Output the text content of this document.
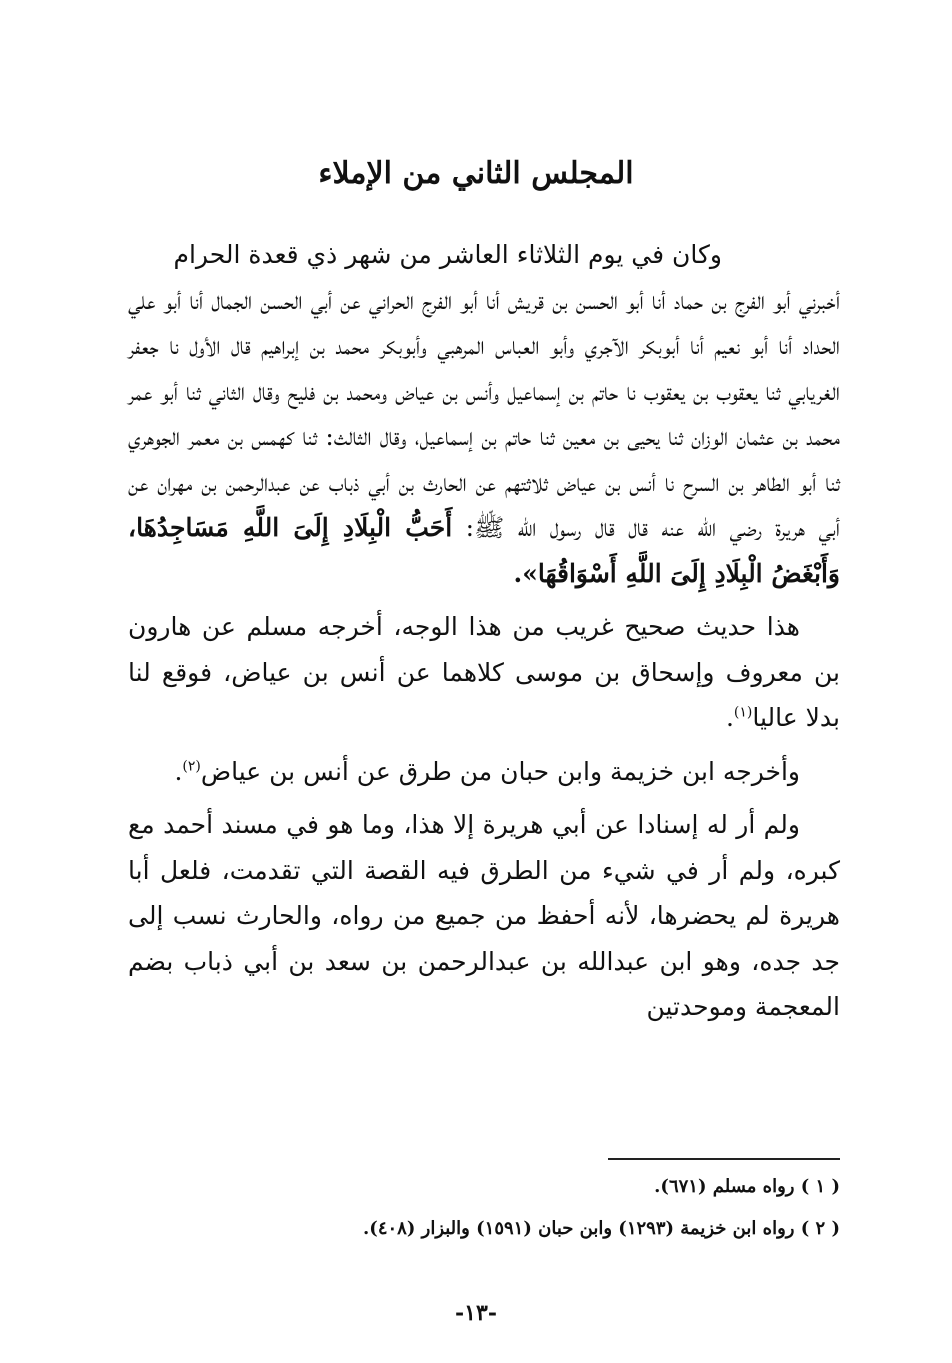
المجلس الثاني من الإملاء

وكان في يوم الثلاثاء العاشر من شهر ذي قعدة الحرام

أخبرني أبو الفرج بن حماد أنا أبو الحسن بن قريش أنا أبو الفرج الحراني عن أبي الحسن الجمال أنا أبو علي الحداد أنا أبو نعيم أنا أبوبكر الآجري وأبو العباس المرهبي وأبوبكر محمد بن إبراهيم قال الأول نا جعفر الغريابي ثنا يعقوب بن يعقوب نا حاتم بن إسماعيل وأنس بن عياض ومحمد بن فليح وقال الثاني ثنا أبو عمر محمد بن عثمان الوزان ثنا يحيى بن معين ثنا حاتم بن إسماعيل، وقال الثالث: ثنا كهمس بن معمر الجوهري ثنا أبو الطاهر بن السرح نا أنس بن عياض ثلاثتهم عن الحارث بن أبي ذباب عن عبدالرحمن بن مهران عن أبي هريرة رضي الله عنه قال قال رسول الله ﷺ: أَحَبُّ الْبِلَادِ إِلَىَ اللَّهِ مَسَاجِدُهَا، وَأَبْغَضُ الْبِلَادِ إِلَىَ اللَّهِ أَسْوَاقُهَا».

هذا حديث صحيح غريب من هذا الوجه، أخرجه مسلم عن هارون بن معروف وإسحاق بن موسى كلاهما عن أنس بن عياض، فوقع لنا بدلا عاليا$^{(١)}$.

وأخرجه ابن خزيمة وابن حبان من طرق عن أنس بن عياض$^{(٢)}$.

ولم أر له إسنادا عن أبي هريرة إلا هذا، وما هو في مسند أحمد مع كبره، ولم أر في شيء من الطرق فيه القصة التي تقدمت، فلعل أبا هريرة لم يحضرها، لأنه أحفظ من جميع من رواه، والحارث نسب إلى جد جده، وهو ابن عبدالله بن عبدالرحمن بن سعد بن أبي ذباب بضم المعجمة وموحدتين

( ١ ) رواه مسلم (٦٧١).

( ٢ ) رواه ابن خزيمة (١٢٩٣) وابن حبان (١٥٩١) والبزار (٤٠٨).

-١٣-
